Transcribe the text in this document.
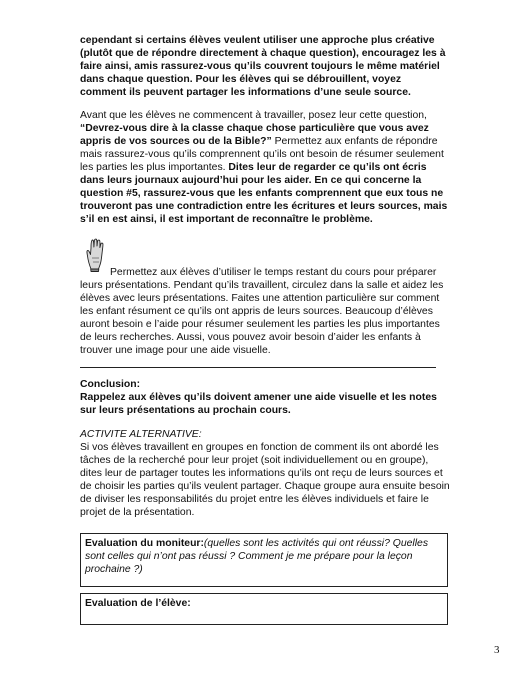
cependant si certains élèves veulent utiliser une approche plus créative (plutôt que de répondre directement à chaque question), encouragez les à faire ainsi, amis rassurez-vous qu’ils couvrent toujours le même matériel dans chaque question. Pour les élèves qui se débrouillent, voyez comment ils peuvent partager les informations d’une seule source.

Avant que les élèves ne commencent à travailler, posez leur cette question, “Devrez-vous dire à la classe chaque chose particulière que vous avez appris de vos sources ou de la Bible?” Permettez aux enfants de répondre mais rassurez-vous qu’ils comprennent qu’ils ont besoin de résumer seulement les parties les plus importantes. Dites leur de regarder ce qu’ils ont écris dans leurs journaux aujourd’hui pour les aider. En ce qui concerne la question #5, rassurez-vous que les enfants comprennent que eux tous ne trouveront pas une contradiction entre les écritures et leurs sources, mais s’il en est ainsi, il est important de reconnaître le problème.

Permettez aux élèves d’utiliser le temps restant du cours pour préparer leurs présentations. Pendant qu’ils travaillent, circulez dans la salle et aidez les élèves avec leurs présentations. Faites une attention particulière sur comment les enfant résument ce qu’ils ont appris de leurs sources. Beaucoup d’élèves auront besoin e l’aide pour résumer seulement les parties les plus importantes de leurs recherches. Aussi, vous pouvez avoir besoin d’aider les enfants à trouver une image pour une aide visuelle.

Conclusion:

Rappelez aux élèves qu’ils doivent amener une aide visuelle et les notes sur leurs présentations au prochain cours.

ACTIVITE ALTERNATIVE:

Si vos élèves travaillent en groupes en fonction de comment ils ont abordé les tâches de la recherché pour leur projet (soit individuellement ou en groupe), dites leur de partager toutes les informations qu’ils ont reçu de leurs sources et de choisir les parties qu’ils veulent partager. Chaque groupe aura ensuite besoin de diviser les responsabilités du projet entre les élèves individuels et faire le projet de la présentation.

Evaluation du moniteur:(quelles sont les activités qui ont réussi? Quelles sont celles qui n’ont pas réussi ? Comment je me prépare pour la leçon prochaine ?)
Evaluation de l’élève:
3
